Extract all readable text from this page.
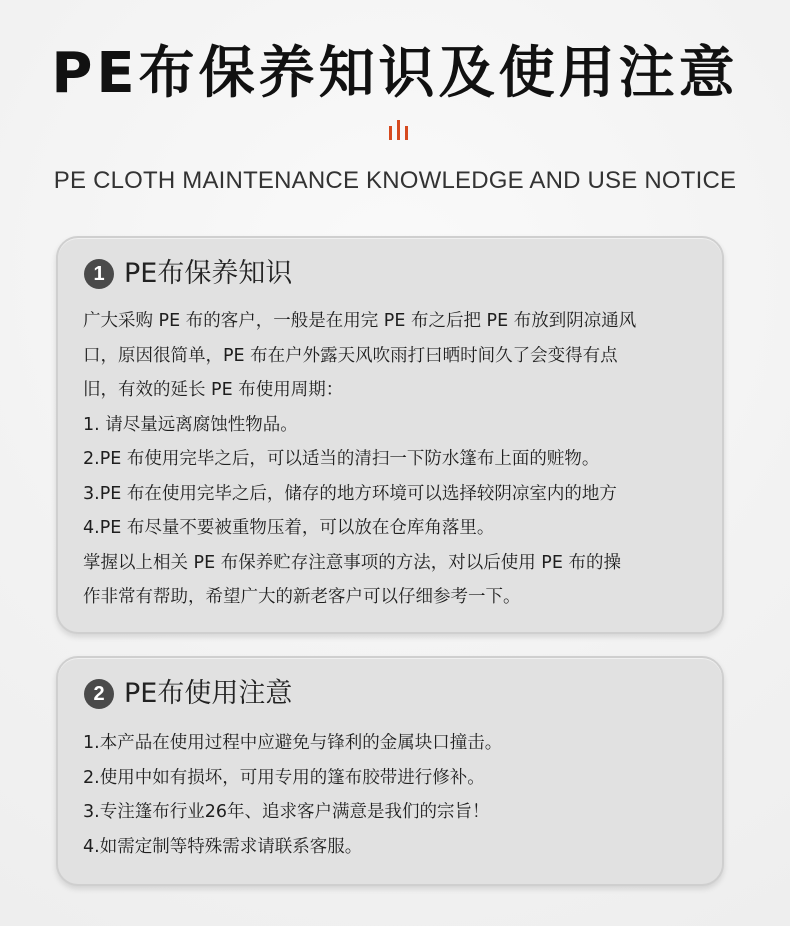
PE布保养知识及使用注意
PE CLOTH MAINTENANCE KNOWLEDGE AND USE NOTICE
1 PE布保养知识
广大采购 PE 布的客户，一般是在用完 PE 布之后把 PE 布放到阴凉通风
口，原因很简单，PE 布在户外露天风吹雨打曰晒时间久了会变得有点
旧，有效的延长 PE 布使用周期：
1. 请尽量远离腐蚀性物品。
2.PE 布使用完毕之后，可以适当的清扫一下防水篷布上面的赃物。
3.PE 布在使用完毕之后，储存的地方环境可以选择较阴凉室内的地方
4.PE 布尽量不要被重物压着，可以放在仓库角落里。
掌握以上相关 PE 布保养贮存注意事项的方法，对以后使用 PE 布的操
作非常有帮助，希望广大的新老客户可以仔细参考一下。
2 PE布使用注意
1.本产品在使用过程中应避免与锋利的金属块口撞击。
2.使用中如有损坏，可用专用的篷布胶带进行修补。
3.专注篷布行业26年、追求客户满意是我们的宗旨！
4.如需定制等特殊需求请联系客服。
